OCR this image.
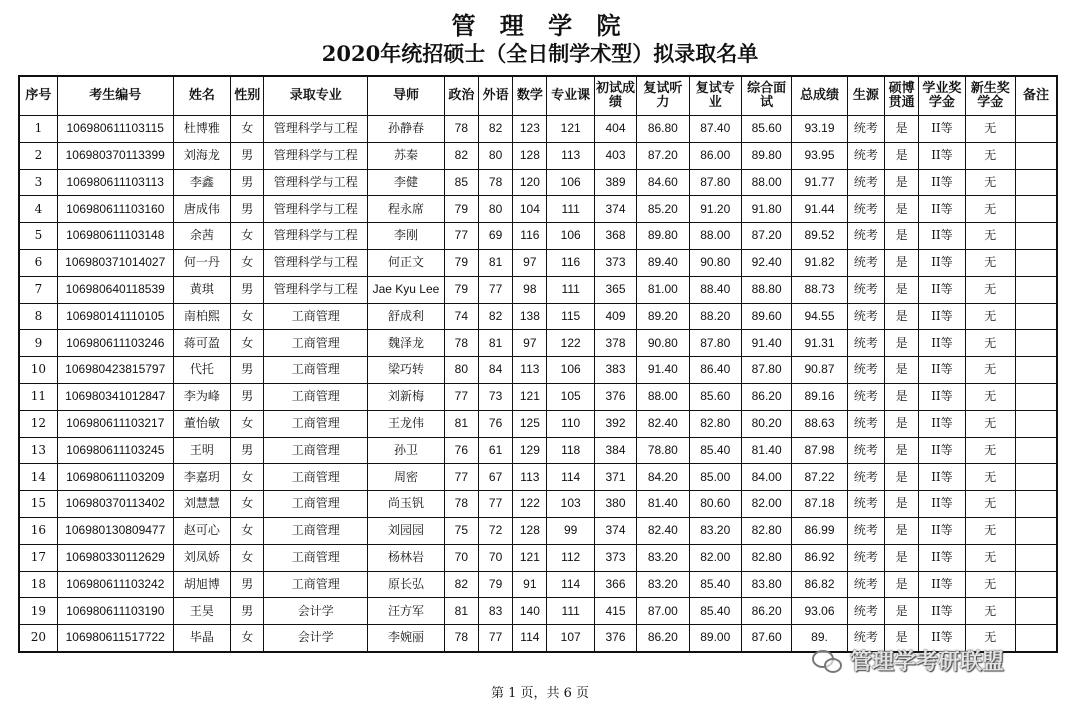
管 理 学 院
2020年统招硕士（全日制学术型）拟录取名单
序号	考生编号	姓名	性别	录取专业	导师	政治	外语	数学	专业课	初试成绩	复试听力	复试专业	综合面试	总成绩	生源	硕博贯通	学业奖学金	新生奖学金	备注
1	106980611103115	杜博雅	女	管理科学与工程	孙静春	78	82	123	121	404	86.80	87.40	85.60	93.19	统考	是	II等	无	
2	106980370113399	刘海龙	男	管理科学与工程	苏秦	82	80	128	113	403	87.20	86.00	89.80	93.95	统考	是	II等	无	
3	106980611103113	李鑫	男	管理科学与工程	李健	85	78	120	106	389	84.60	87.80	88.00	91.77	统考	是	II等	无	
4	106980611103160	唐成伟	男	管理科学与工程	程永席	79	80	104	111	374	85.20	91.20	91.80	91.44	统考	是	II等	无	
5	106980611103148	余茜	女	管理科学与工程	李刚	77	69	116	106	368	89.80	88.00	87.20	89.52	统考	是	II等	无	
6	106980371014027	何一丹	女	管理科学与工程	何正文	79	81	97	116	373	89.40	90.80	92.40	91.82	统考	是	II等	无	
7	106980640118539	黄琪	男	管理科学与工程	Jae Kyu Lee	79	77	98	111	365	81.00	88.40	88.80	88.73	统考	是	II等	无	
8	106980141110105	南柏熙	女	工商管理	舒成利	74	82	138	115	409	89.20	88.20	89.60	94.55	统考	是	II等	无	
9	106980611103246	蒋可盈	女	工商管理	魏泽龙	78	81	97	122	378	90.80	87.80	91.40	91.31	统考	是	II等	无	
10	106980423815797	代托	男	工商管理	梁巧转	80	84	113	106	383	91.40	86.40	87.80	90.87	统考	是	II等	无	
11	106980341012847	李为峰	男	工商管理	刘新梅	77	73	121	105	376	88.00	85.60	86.20	89.16	统考	是	II等	无	
12	106980611103217	董怡敏	女	工商管理	王龙伟	81	76	125	110	392	82.40	82.80	80.20	88.63	统考	是	II等	无	
13	106980611103245	王明	男	工商管理	孙卫	76	61	129	118	384	78.80	85.40	81.40	87.98	统考	是	II等	无	
14	106980611103209	李嘉玥	女	工商管理	周密	77	67	113	114	371	84.20	85.00	84.00	87.22	统考	是	II等	无	
15	106980370113402	刘慧慧	女	工商管理	尚玉钒	78	77	122	103	380	81.40	80.60	82.00	87.18	统考	是	II等	无	
16	106980130809477	赵可心	女	工商管理	刘园园	75	72	128	99	374	82.40	83.20	82.80	86.99	统考	是	II等	无	
17	106980330112629	刘凤娇	女	工商管理	杨林岩	70	70	121	112	373	83.20	82.00	82.80	86.92	统考	是	II等	无	
18	106980611103242	胡旭博	男	工商管理	原长弘	82	79	91	114	366	83.20	85.40	83.80	86.82	统考	是	II等	无	
19	106980611103190	王昊	男	会计学	汪方军	81	83	140	111	415	87.00	85.40	86.20	93.06	统考	是	II等	无	
20	106980611517722	毕晶	女	会计学	李婉丽	78	77	114	107	376	86.20	89.00	87.60	89.	统考	是	II等	无	
第 1 页，共 6 页
管理学考研联盟
